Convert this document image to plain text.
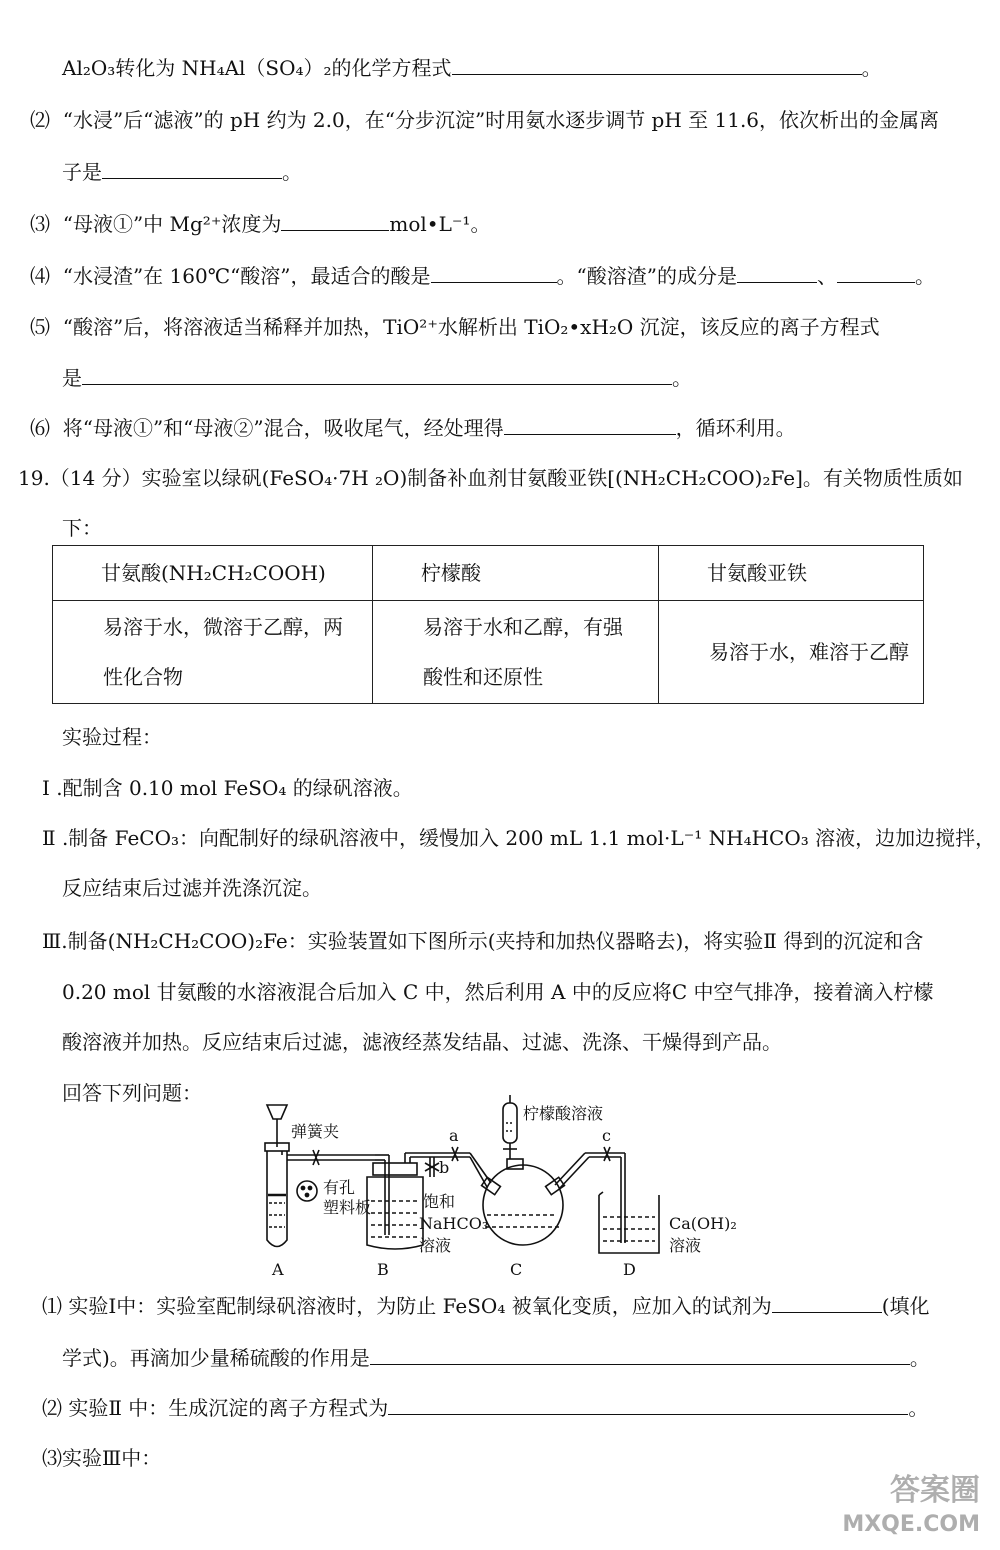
Al₂O₃转化为 NH₄Al（SO₄）₂的化学方程式	。
⑵ “水浸”后“滤液”的 pH 约为 2.0，在“分步沉淀”时用氨水逐步调节 pH 至 11.6，依次析出的金属离
子是	。
⑶ “母液①”中 Mg²⁺浓度为	mol•L⁻¹。
⑷ “水浸渣”在 160℃“酸溶”，最适合的酸是	。“酸溶渣”的成分是	、	。
⑸ “酸溶”后，将溶液适当稀释并加热，TiO²⁺水解析出 TiO₂•xH₂O 沉淀，该反应的离子方程式
是	。
⑹ 将“母液①”和“母液②”混合，吸收尾气，经处理得	，循环利用。
19.（14 分）实验室以绿矾(FeSO₄·7H ₂O)制备补血剂甘氨酸亚铁[(NH₂CH₂COO)₂Fe]。有关物质性质如
下：
甘氨酸(NH₂CH₂COOH)	柠檬酸	甘氨酸亚铁
易溶于水，微溶于乙醇，两性化合物	易溶于水和乙醇，有强酸性和还原性	易溶于水，难溶于乙醇
实验过程：
Ⅰ .配制含 0.10 mol FeSO₄ 的绿矾溶液。
Ⅱ .制备 FeCO₃：向配制好的绿矾溶液中，缓慢加入 200 mL 1.1 mol·L⁻¹ NH₄HCO₃ 溶液，边加边搅拌，
反应结束后过滤并洗涤沉淀。
Ⅲ.制备(NH₂CH₂COO)₂Fe：实验装置如下图所示(夹持和加热仪器略去)，将实验Ⅱ 得到的沉淀和含
0.20 mol 甘氨酸的水溶液混合后加入 C 中，然后利用 A 中的反应将C 中空气排净，接着滴入柠檬
酸溶液并加热。反应结束后过滤，滤液经蒸发结晶、过滤、洗涤、干燥得到产品。
回答下列问题：
弹簧夹
有孔
塑料板
a
b
c
饱和
NaHCO₃
溶液
柠檬酸溶液
Ca(OH)₂
溶液
A	B	C	D
⑴ 实验Ⅰ中：实验室配制绿矾溶液时，为防止 FeSO₄ 被氧化变质，应加入的试剂为	(填化
学式)。再滴加少量稀硫酸的作用是	。
⑵ 实验Ⅱ 中：生成沉淀的离子方程式为	。
⑶实验Ⅲ中：
答案圈
MXQE.COM
